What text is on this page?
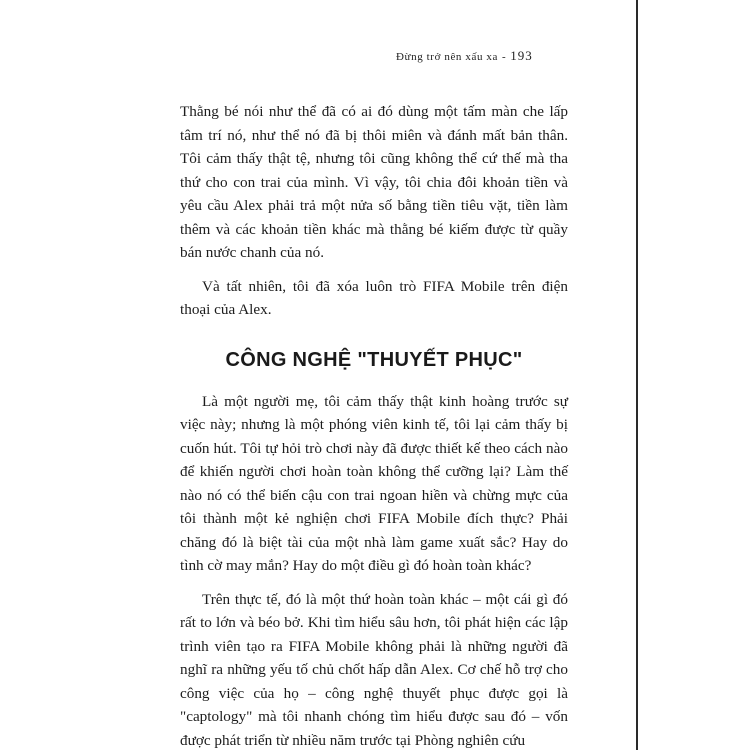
Đừng trở nên xấu xa - 193

Thằng bé nói như thể đã có ai đó dùng một tấm màn che lấp tâm trí nó, như thể nó đã bị thôi miên và đánh mất bản thân. Tôi cảm thấy thật tệ, nhưng tôi cũng không thể cứ thế mà tha thứ cho con trai của mình. Vì vậy, tôi chia đôi khoản tiền và yêu cầu Alex phải trả một nửa số bằng tiền tiêu vặt, tiền làm thêm và các khoản tiền khác mà thằng bé kiếm được từ quầy bán nước chanh của nó.

Và tất nhiên, tôi đã xóa luôn trò FIFA Mobile trên điện thoại của Alex.

CÔNG NGHỆ "THUYẾT PHỤC"

Là một người mẹ, tôi cảm thấy thật kinh hoàng trước sự việc này; nhưng là một phóng viên kinh tế, tôi lại cảm thấy bị cuốn hút. Tôi tự hỏi trò chơi này đã được thiết kế theo cách nào để khiến người chơi hoàn toàn không thể cưỡng lại? Làm thế nào nó có thể biến cậu con trai ngoan hiền và chừng mực của tôi thành một kẻ nghiện chơi FIFA Mobile đích thực? Phải chăng đó là biệt tài của một nhà làm game xuất sắc? Hay do tình cờ may mắn? Hay do một điều gì đó hoàn toàn khác?

Trên thực tế, đó là một thứ hoàn toàn khác – một cái gì đó rất to lớn và béo bở. Khi tìm hiểu sâu hơn, tôi phát hiện các lập trình viên tạo ra FIFA Mobile không phải là những người đã nghĩ ra những yếu tố chủ chốt hấp dẫn Alex. Cơ chế hỗ trợ cho công việc của họ – công nghệ thuyết phục được gọi là "captology" mà tôi nhanh chóng tìm hiểu được sau đó – vốn được phát triển từ nhiều năm trước tại Phòng nghiên cứu
